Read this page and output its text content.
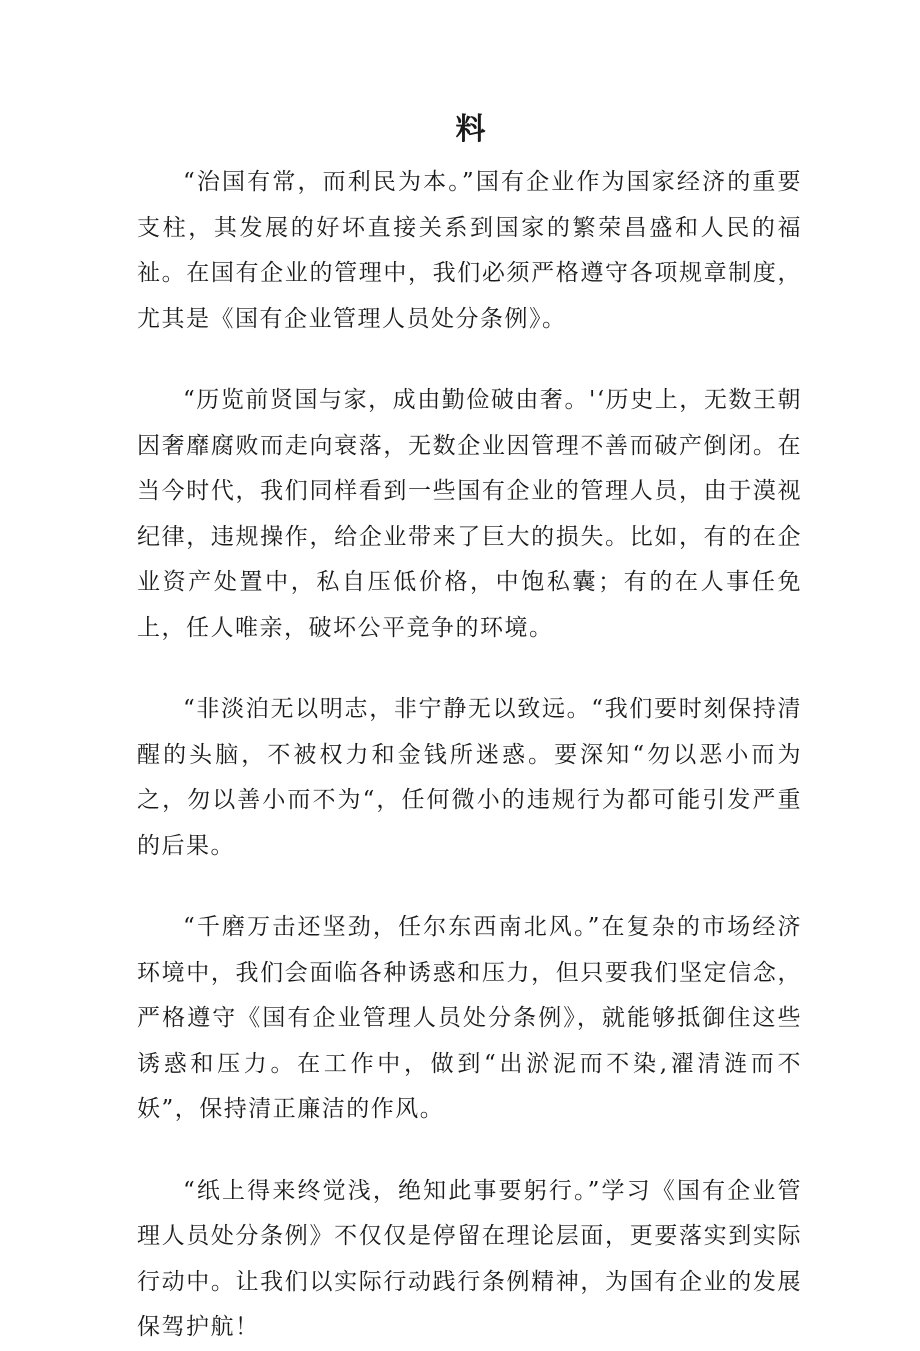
料

“治国有常，而利民为本。”国有企业作为国家经济的重要支柱，其发展的好坏直接关系到国家的繁荣昌盛和人民的福祉。在国有企业的管理中，我们必须严格遵守各项规章制度，尤其是《国有企业管理人员处分条例》。

“历览前贤国与家，成由勤俭破由奢。'‘历史上，无数王朝因奢靡腐败而走向衰落，无数企业因管理不善而破产倒闭。在当今时代，我们同样看到一些国有企业的管理人员，由于漠视纪律，违规操作，给企业带来了巨大的损失。比如，有的在企业资产处置中，私自压低价格，中饱私囊；有的在人事任免上，任人唯亲，破坏公平竞争的环境。

“非淡泊无以明志，非宁静无以致远。“我们要时刻保持清醒的头脑，不被权力和金钱所迷惑。要深知“勿以恶小而为之，勿以善小而不为“，任何微小的违规行为都可能引发严重的后果。

“千磨万击还坚劲，任尔东西南北风。”在复杂的市场经济环境中，我们会面临各种诱惑和压力，但只要我们坚定信念，严格遵守《国有企业管理人员处分条例》，就能够抵御住这些诱惑和压力。在工作中，做到“出淤泥而不染,濯清涟而不妖”，保持清正廉洁的作风。

“纸上得来终觉浅，绝知此事要躬行。”学习《国有企业管理人员处分条例》不仅仅是停留在理论层面，更要落实到实际行动中。让我们以实际行动践行条例精神，为国有企业的发展保驾护航！
